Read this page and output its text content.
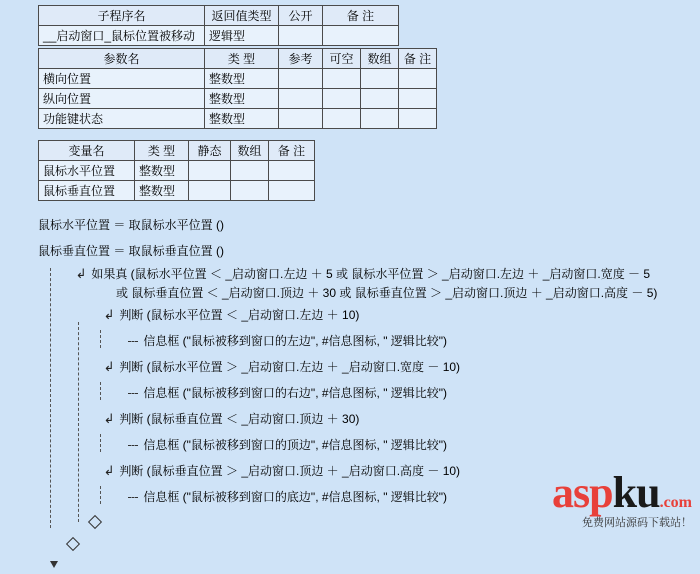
子程序名	返回值类型	公开	备 注
__启动窗口_鼠标位置被移动	逻辑型		
参数名	类 型	参考	可空	数组	备 注
横向位置	整数型				
纵向位置	整数型				
功能键状态	整数型				
变量名	类 型	静态	数组	备 注
鼠标水平位置	整数型			
鼠标垂直位置	整数型			
鼠标水平位置 ＝ 取鼠标水平位置 ()
鼠标垂直位置 ＝ 取鼠标垂直位置 ()
↳ 如果真 (鼠标水平位置 ＜ _启动窗口.左边 ＋ 5 或 鼠标水平位置 ＞ _启动窗口.左边 ＋ _启动窗口.宽度 － 5
或 鼠标垂直位置 ＜ _启动窗口.顶边 ＋ 30 或 鼠标垂直位置 ＞ _启动窗口.顶边 ＋ _启动窗口.高度 － 5)
↳ 判断 (鼠标水平位置 ＜ _启动窗口.左边 ＋ 10)
信息框 ("鼠标被移到窗口的左边", #信息图标, " 逻辑比较")
↳ 判断 (鼠标水平位置 ＞ _启动窗口.左边 ＋ _启动窗口.宽度 － 10)
信息框 ("鼠标被移到窗口的右边", #信息图标, " 逻辑比较")
↳ 判断 (鼠标垂直位置 ＜ _启动窗口.顶边 ＋ 30)
信息框 ("鼠标被移到窗口的顶边", #信息图标, " 逻辑比较")
↳ 判断 (鼠标垂直位置 ＞ _启动窗口.顶边 ＋ _启动窗口.高度 － 10)
信息框 ("鼠标被移到窗口的底边", #信息图标, " 逻辑比较")	aspku.com
免费网站源码下载站！
